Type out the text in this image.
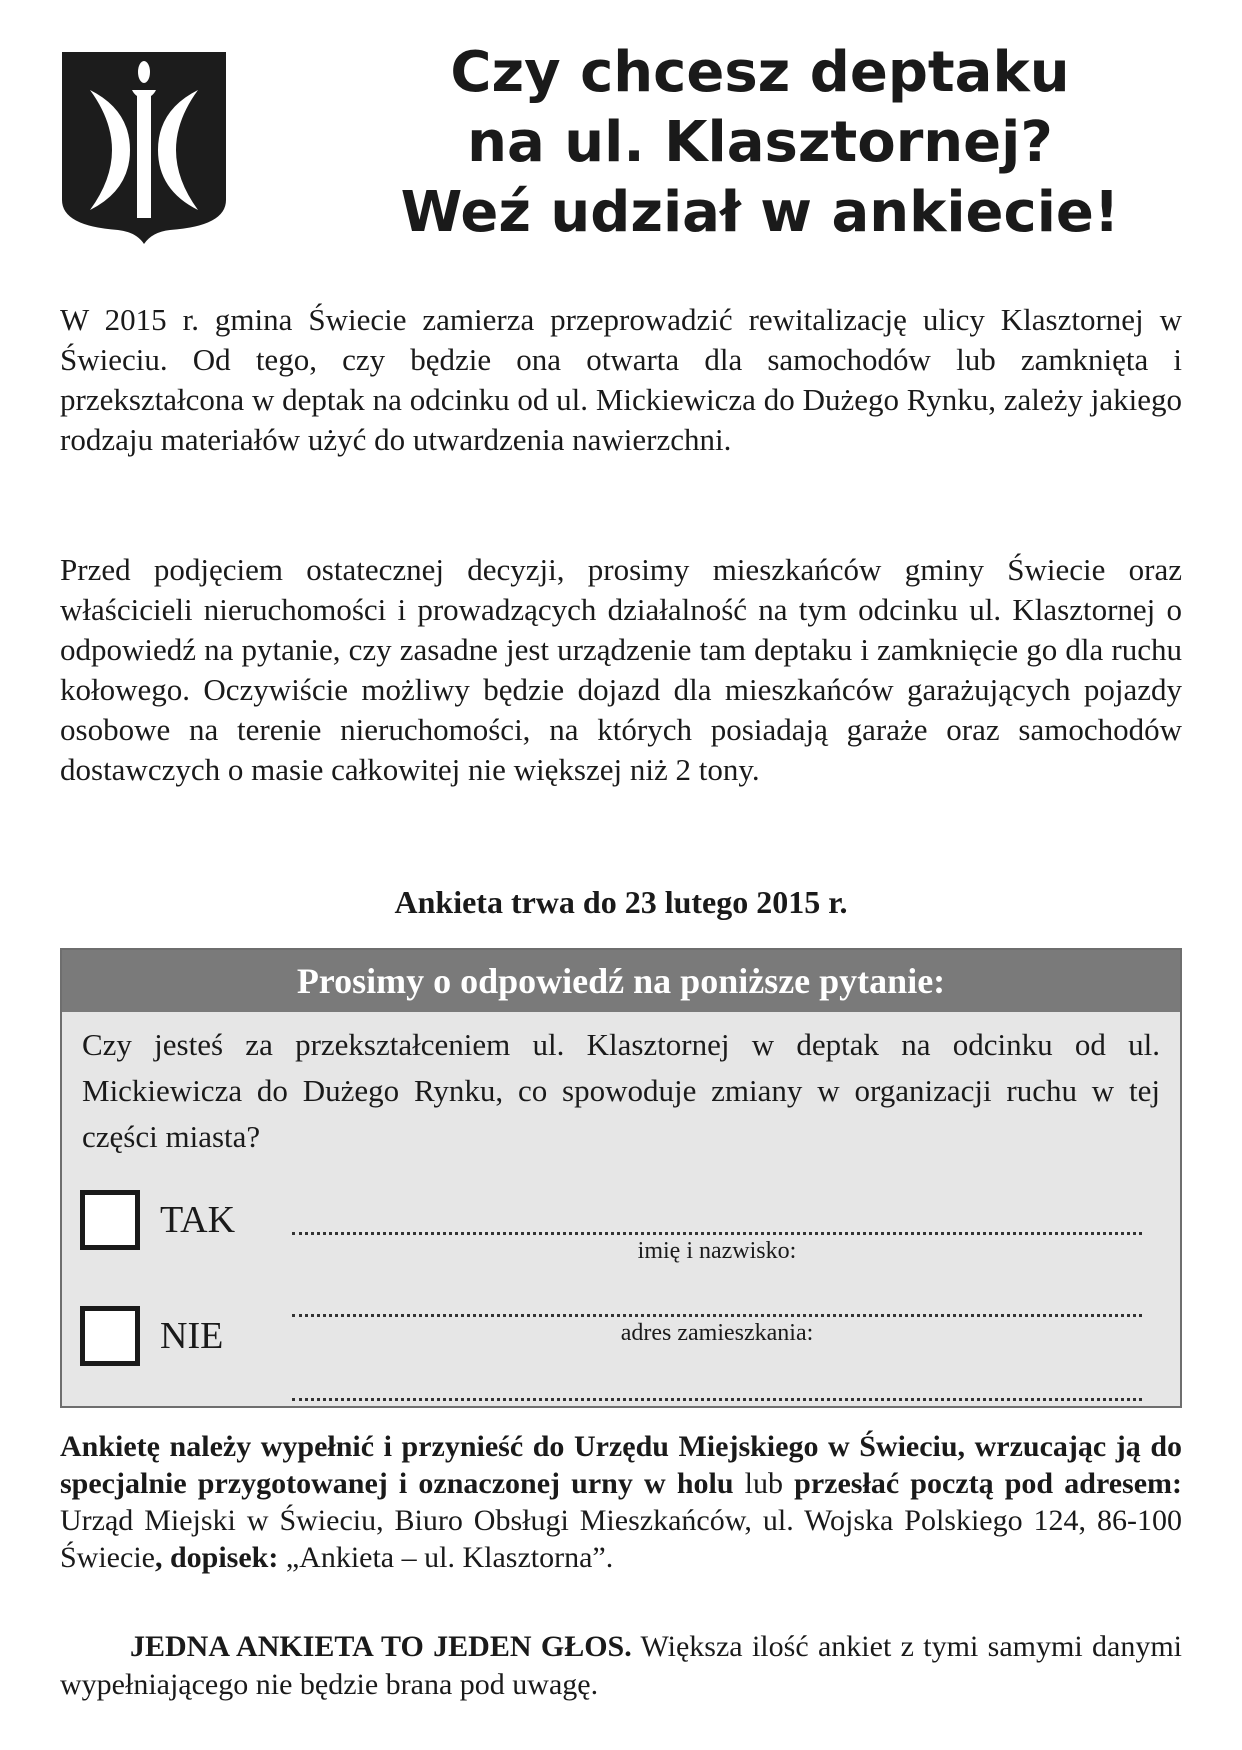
Czy chcesz deptaku
na ul. Klasztornej?
Weź udział w ankiecie!
W 2015 r. gmina Świecie zamierza przeprowadzić rewitalizację ulicy Klasztornej w Świeciu. Od tego, czy będzie ona otwarta dla samochodów lub zamknięta i przekształcona w deptak na odcinku od ul. Mickiewicza do Dużego Rynku, zależy jakiego rodzaju materiałów użyć do utwardzenia nawierzchni.
Przed podjęciem ostatecznej decyzji, prosimy mieszkańców gminy Świecie oraz właścicieli nieruchomości i prowadzących działalność na tym odcinku ul. Klasztornej o odpowiedź na pytanie, czy zasadne jest urządzenie tam deptaku i zamknięcie go dla ruchu kołowego. Oczywiście możliwy będzie dojazd dla mieszkańców garażujących pojazdy osobowe na terenie nieruchomości, na których posiadają garaże oraz samochodów dostawczych o masie całkowitej nie większej niż 2 tony.
Ankieta trwa do 23 lutego 2015 r.
Prosimy o odpowiedź na poniższe pytanie:
Czy jesteś za przekształceniem ul. Klasztornej w deptak na odcinku od ul. Mickiewicza do Dużego Rynku, co spowoduje zmiany w organizacji ruchu w tej części miasta?
TAK
NIE
imię i nazwisko:
adres zamieszkania:
Ankietę należy wypełnić i przynieść do Urzędu Miejskiego w Świeciu, wrzucając ją do specjalnie przygotowanej i oznaczonej urny w holu lub przesłać pocztą pod adresem: Urząd Miejski w Świeciu, Biuro Obsługi Mieszkańców, ul. Wojska Polskiego 124, 86-100 Świecie, dopisek: „Ankieta – ul. Klasztorna”.
JEDNA ANKIETA TO JEDEN GŁOS. Większa ilość ankiet z tymi samymi danymi wypełniającego nie będzie brana pod uwagę.
